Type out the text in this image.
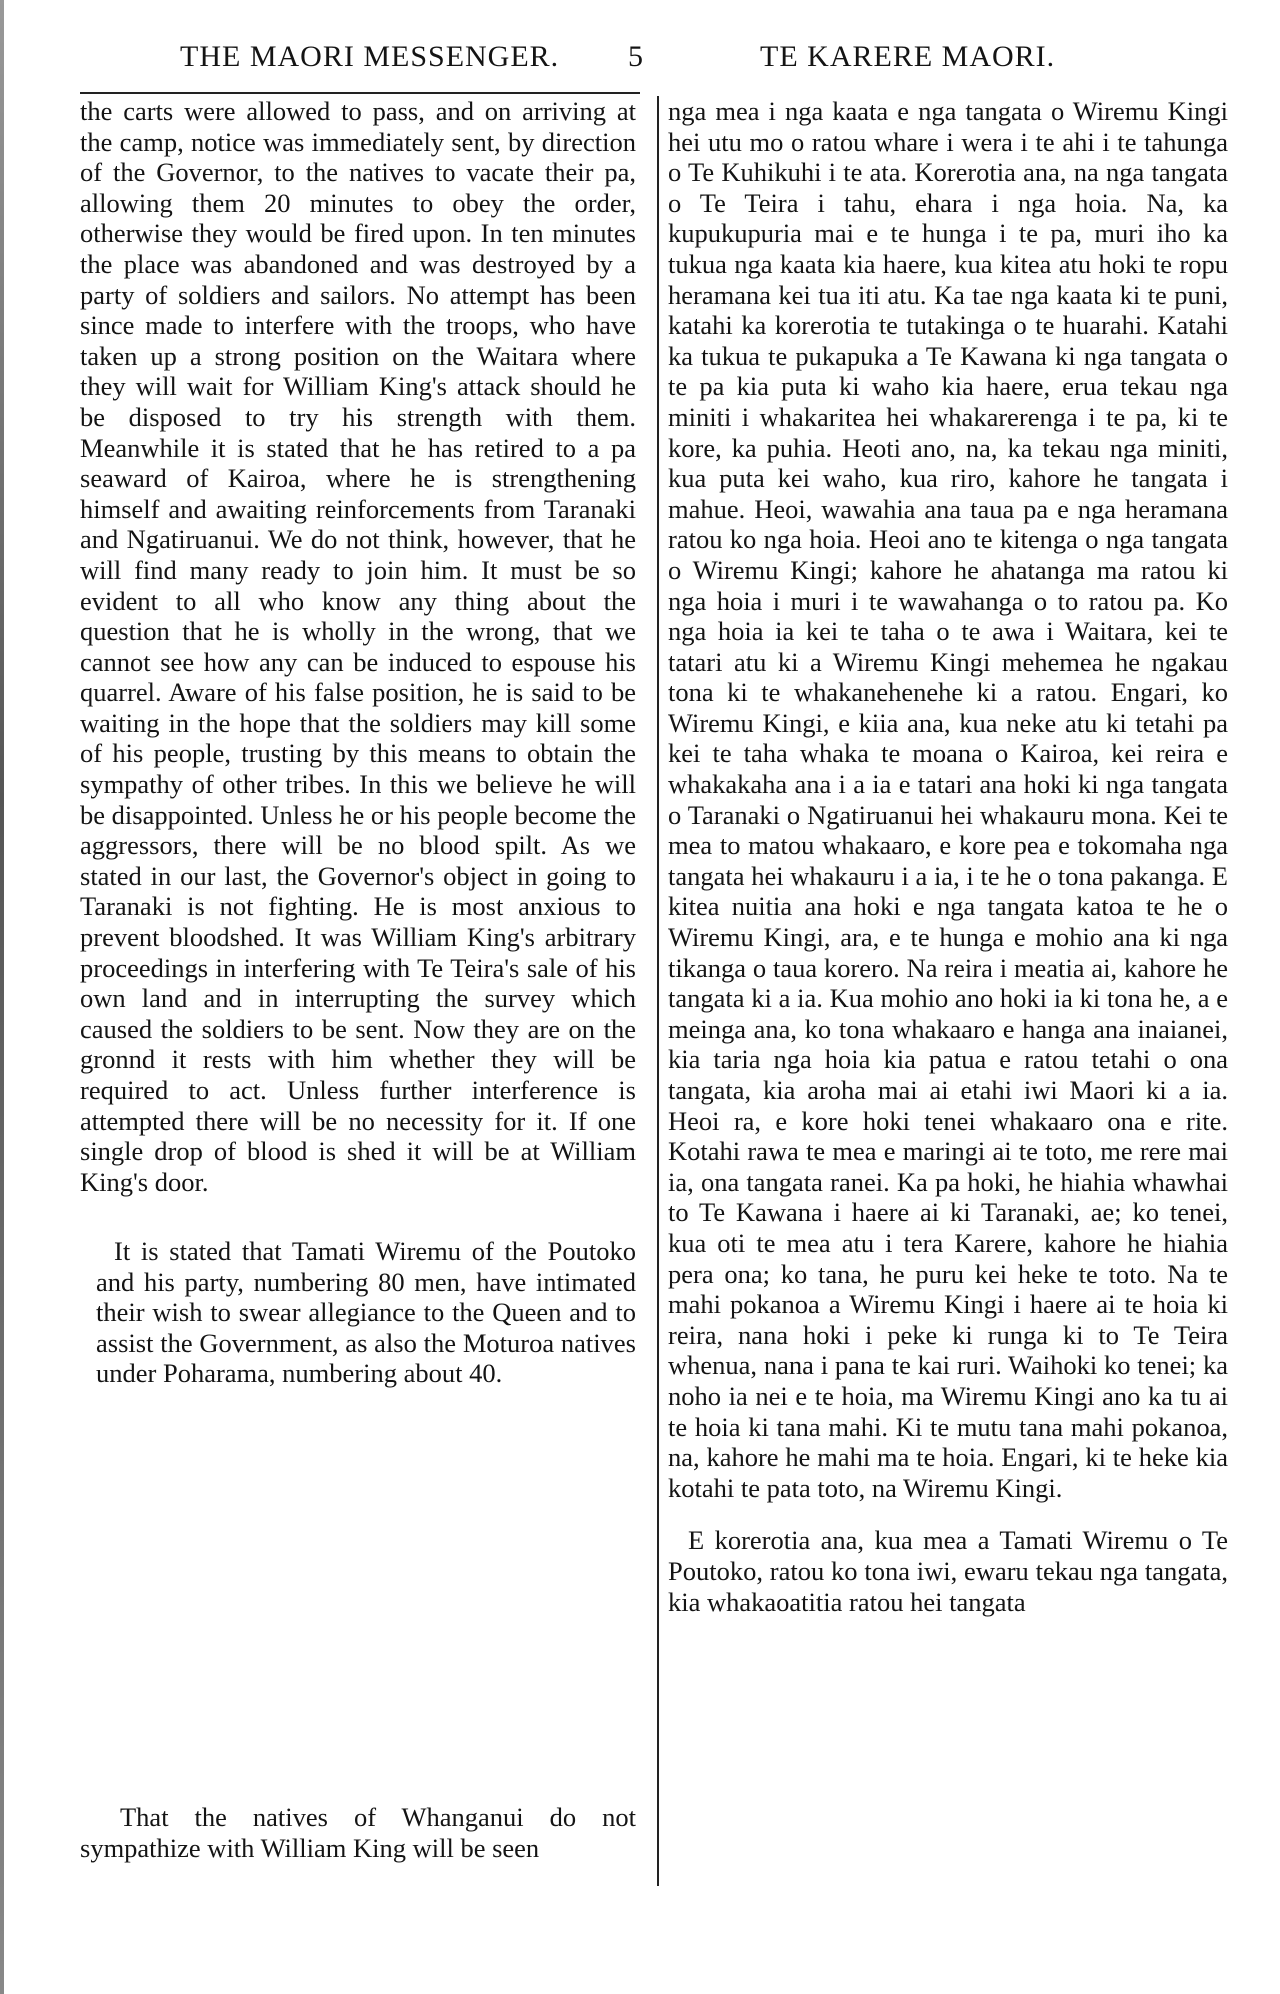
THE MAORI MESSENGER. 5	TE KARERE MAORI.

the carts were allowed to pass, and on arriving at the camp, notice was immediately sent, by direction of the Governor, to the natives to vacate their pa, allowing them 20 minutes to obey the order, otherwise they would be fired upon. In ten minutes the place was abandoned and was destroyed by a party of soldiers and sailors. No attempt has been since made to interfere with the troops, who have taken up a strong position on the Waitara where they will wait for William King's attack should he be disposed to try his strength with them. Meanwhile it is stated that he has retired to a pa seaward of Kairoa, where he is strengthening himself and awaiting reinforcements from Taranaki and Ngatiruanui. We do not think, however, that he will find many ready to join him. It must be so evident to all who know any thing about the question that he is wholly in the wrong, that we cannot see how any can be induced to espouse his quarrel. Aware of his false position, he is said to be waiting in the hope that the soldiers may kill some of his people, trusting by this means to obtain the sympathy of other tribes. In this we believe he will be disappointed. Unless he or his people become the aggressors, there will be no blood spilt. As we stated in our last, the Governor's object in going to Taranaki is not fighting. He is most anxious to prevent bloodshed. It was William King's arbitrary proceedings in interfering with Te Teira's sale of his own land and in interrupting the survey which caused the soldiers to be sent. Now they are on the gronnd it rests with him whether they will be required to act. Unless further interference is attempted there will be no necessity for it. If one single drop of blood is shed it will be at William King's door.

It is stated that Tamati Wiremu of the Poutoko and his party, numbering 80 men, have intimated their wish to swear allegiance to the Queen and to assist the Government, as also the Moturoa natives under Poharama, numbering about 40.

That the natives of Whanganui do not sympathize with William King will be seen

nga mea i nga kaata e nga tangata o Wiremu Kingi hei utu mo o ratou whare i wera i te ahi i te tahunga o Te Kuhikuhi i te ata. Korerotia ana, na nga tangata o Te Teira i tahu, ehara i nga hoia. Na, ka kupukupuria mai e te hunga i te pa, muri iho ka tukua nga kaata kia haere, kua kitea atu hoki te ropu heramana kei tua iti atu. Ka tae nga kaata ki te puni, katahi ka korerotia te tutakinga o te huarahi. Katahi ka tukua te pukapuka a Te Kawana ki nga tangata o te pa kia puta ki waho kia haere, erua tekau nga miniti i whakaritea hei whakarerenga i te pa, ki te kore, ka puhia. Heoti ano, na, ka tekau nga miniti, kua puta kei waho, kua riro, kahore he tangata i mahue. Heoi, wawahia ana taua pa e nga heramana ratou ko nga hoia. Heoi ano te kitenga o nga tangata o Wiremu Kingi; kahore he ahatanga ma ratou ki nga hoia i muri i te wawahanga o to ratou pa. Ko nga hoia ia kei te taha o te awa i Waitara, kei te tatari atu ki a Wiremu Kingi mehemea he ngakau tona ki te whakanehenehe ki a ratou. Engari, ko Wiremu Kingi, e kiia ana, kua neke atu ki tetahi pa kei te taha whaka te moana o Kairoa, kei reira e whakakaha ana i a ia e tatari ana hoki ki nga tangata o Taranaki o Ngatiruanui hei whakauru mona. Kei te mea to matou whakaaro, e kore pea e tokomaha nga tangata hei whakauru i a ia, i te he o tona pakanga. E kitea nuitia ana hoki e nga tangata katoa te he o Wiremu Kingi, ara, e te hunga e mohio ana ki nga tikanga o taua korero. Na reira i meatia ai, kahore he tangata ki a ia. Kua mohio ano hoki ia ki tona he, a e meinga ana, ko tona whakaaro e hanga ana inaianei, kia taria nga hoia kia patua e ratou tetahi o ona tangata, kia aroha mai ai etahi iwi Maori ki a ia. Heoi ra, e kore hoki tenei whakaaro ona e rite. Kotahi rawa te mea e maringi ai te toto, me rere mai ia, ona tangata ranei. Ka pa hoki, he hiahia whawhai to Te Kawana i haere ai ki Taranaki, ae; ko tenei, kua oti te mea atu i tera Karere, kahore he hiahia pera ona; ko tana, he puru kei heke te toto. Na te mahi pokanoa a Wiremu Kingi i haere ai te hoia ki reira, nana hoki i peke ki runga ki to Te Teira whenua, nana i pana te kai ruri. Waihoki ko tenei; ka noho ia nei e te hoia, ma Wiremu Kingi ano ka tu ai te hoia ki tana mahi. Ki te mutu tana mahi pokanoa, na, kahore he mahi ma te hoia. Engari, ki te heke kia kotahi te pata toto, na Wiremu Kingi.

E korerotia ana, kua mea a Tamati Wiremu o Te Poutoko, ratou ko tona iwi, ewaru tekau nga tangata, kia whakaoatitia ratou hei tangata
